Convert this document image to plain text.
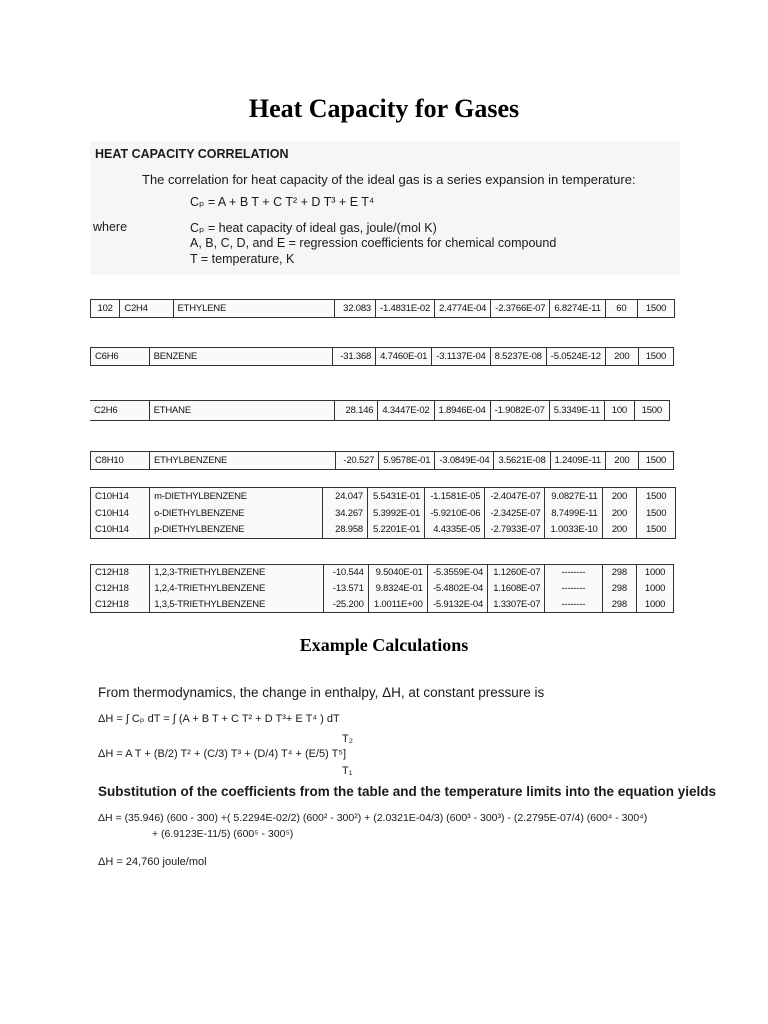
Heat Capacity for Gases
HEAT CAPACITY CORRELATION
The correlation for heat capacity of the ideal gas is a series expansion in temperature:
Cₚ = A + B T + C T² + D T³ + E T⁴
where	Cₚ = heat capacity of ideal gas, joule/(mol K)
A, B, C, D, and E = regression coefficients for chemical compound
T = temperature, K
102	C2H4	ETHYLENE	32.083	-1.4831E-02	2.4774E-04	-2.3766E-07	6.8274E-11	60	1500
C6H6	BENZENE	-31.368	4.7460E-01	-3.1137E-04	8.5237E-08	-5.0524E-12	200	1500
C2H6	ETHANE	28.146	4.3447E-02	1.8946E-04	-1.9082E-07	5.3349E-11	100	1500
C8H10	ETHYLBENZENE	-20.527	5.9578E-01	-3.0849E-04	3.5621E-08	1.2409E-11	200	1500
C10H14	m-DIETHYLBENZENE	24.047	5.5431E-01	-1.1581E-05	-2.4047E-07	9.0827E-11	200	1500
C10H14	o-DIETHYLBENZENE	34.267	5.3992E-01	-5.9210E-06	-2.3425E-07	8.7499E-11	200	1500
C10H14	p-DIETHYLBENZENE	28.958	5.2201E-01	4.4335E-05	-2.7933E-07	1.0033E-10	200	1500
C12H18	1,2,3-TRIETHYLBENZENE	-10.544	9.5040E-01	-5.3559E-04	1.1260E-07	--------	298	1000
C12H18	1,2,4-TRIETHYLBENZENE	-13.571	9.8324E-01	-5.4802E-04	1.1608E-07	--------	298	1000
C12H18	1,3,5-TRIETHYLBENZENE	-25.200	1.0011E+00	-5.9132E-04	1.3307E-07	--------	298	1000
Example Calculations
From thermodynamics, the change in enthalpy, ΔH, at constant pressure is
ΔH = ∫ Cₚ dT = ∫ (A + B T + C T² + D T³+ E T⁴ ) dT
T₂
ΔH = A T + (B/2) T² + (C/3) T³ + (D/4) T⁴ + (E/5) T⁵]
T₁
Substitution of the coefficients from the table and the temperature limits into the equation yields
ΔH = (35.946) (600 - 300) +( 5.2294E-02/2) (600² - 300²) + (2.0321E-04/3) (600³ - 300³) - (2.2795E-07/4) (600⁴ - 300⁴)
+ (6.9123E-11/5) (600⁵ - 300⁵)
ΔH = 24,760 joule/mol
